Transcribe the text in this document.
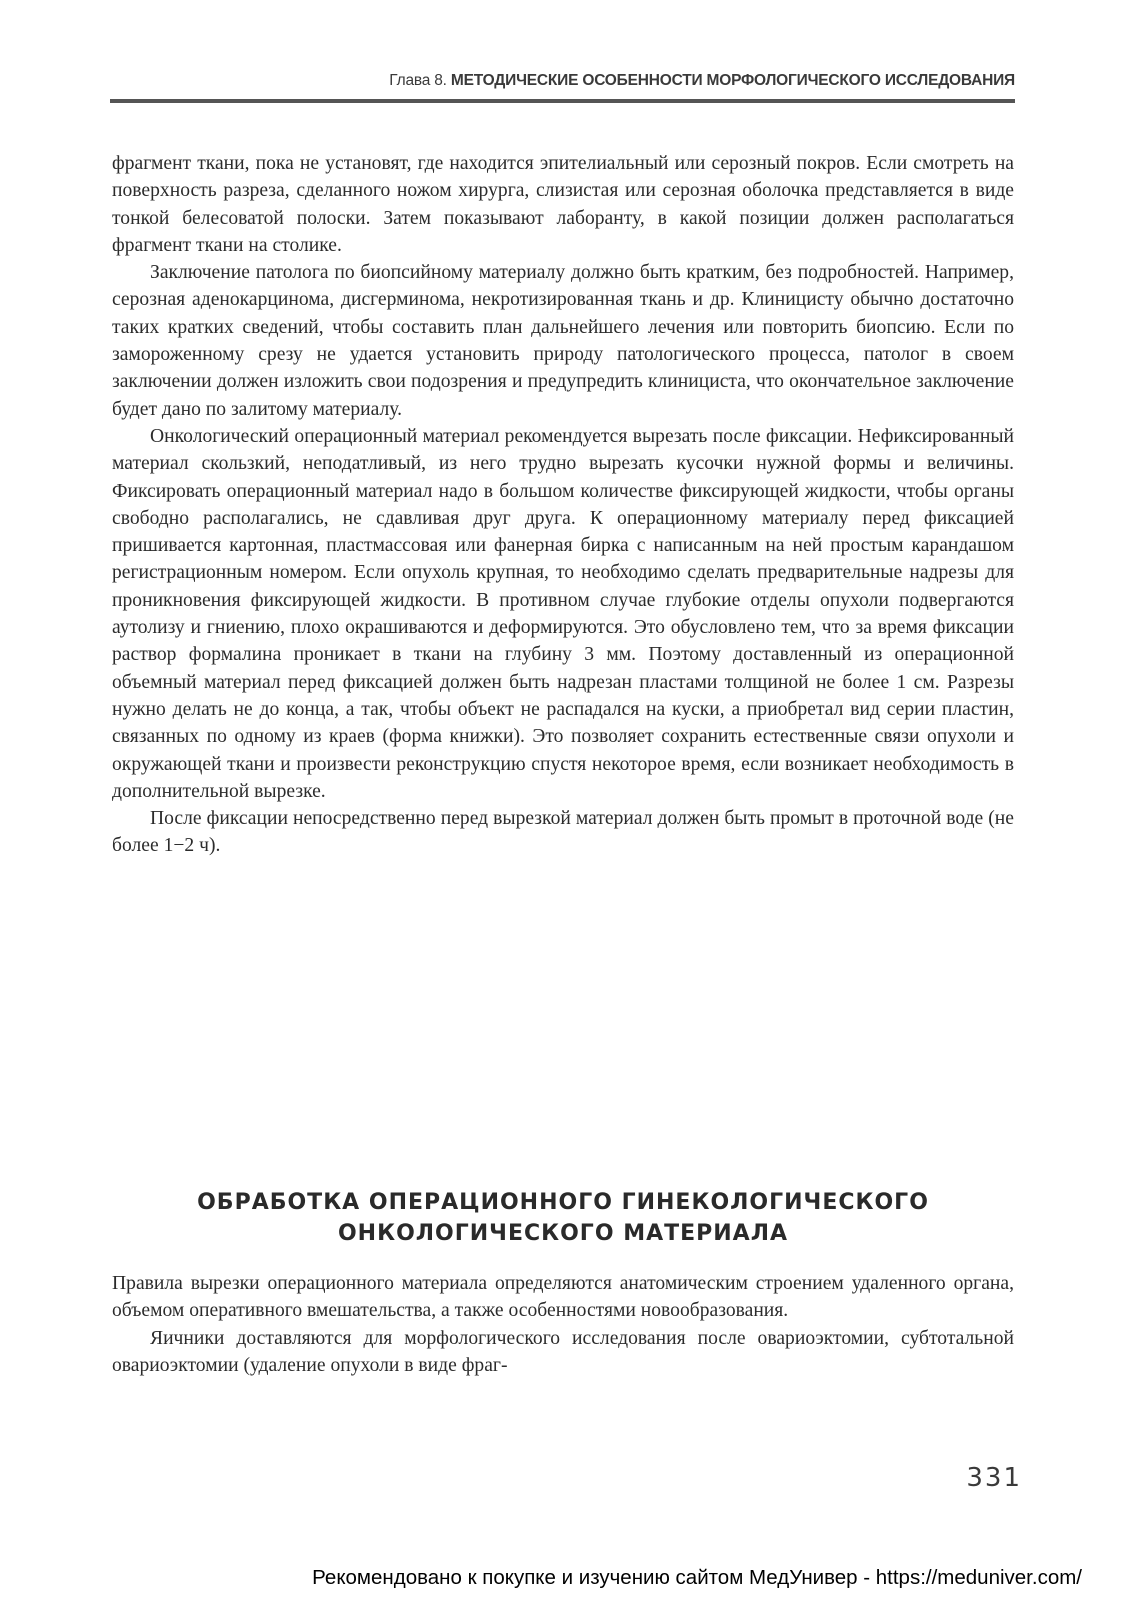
Глава 8. МЕТОДИЧЕСКИЕ ОСОБЕННОСТИ МОРФОЛОГИЧЕСКОГО ИССЛЕДОВАНИЯ

фрагмент ткани, пока не установят, где находится эпителиальный или серозный покров. Если смотреть на поверхность разреза, сделанного ножом хирурга, слизистая или серозная оболочка представляется в виде тонкой белесоватой полоски. Затем показывают лаборанту, в какой позиции должен располагаться фрагмент ткани на столике.

Заключение патолога по биопсийному материалу должно быть кратким, без подробностей. Например, серозная аденокарцинома, дисгерминома, некротизированная ткань и др. Клиницисту обычно достаточно таких кратких сведений, чтобы составить план дальнейшего лечения или повторить биопсию. Если по замороженному срезу не удается установить природу патологического процесса, патолог в своем заключении должен изложить свои подозрения и предупредить клинициста, что окончательное заключение будет дано по залитому материалу.

Онкологический операционный материал рекомендуется вырезать после фиксации. Нефиксированный материал скользкий, неподатливый, из него трудно вырезать кусочки нужной формы и величины. Фиксировать операционный материал надо в большом количестве фиксирующей жидкости, чтобы органы свободно располагались, не сдавливая друг друга. К операционному материалу перед фиксацией пришивается картонная, пластмассовая или фанерная бирка с написанным на ней простым карандашом регистрационным номером. Если опухоль крупная, то необходимо сделать предварительные надрезы для проникновения фиксирующей жидкости. В противном случае глубокие отделы опухоли подвергаются аутолизу и гниению, плохо окрашиваются и деформируются. Это обусловлено тем, что за время фиксации раствор формалина проникает в ткани на глубину 3 мм. Поэтому доставленный из операционной объемный материал перед фиксацией должен быть надрезан пластами толщиной не более 1 см. Разрезы нужно делать не до конца, а так, чтобы объект не распадался на куски, а приобретал вид серии пластин, связанных по одному из краев (форма книжки). Это позволяет сохранить естественные связи опухоли и окружающей ткани и произвести реконструкцию спустя некоторое время, если возникает необходимость в дополнительной вырезке.

После фиксации непосредственно перед вырезкой материал должен быть промыт в проточной воде (не более 1−2 ч).

ОБРАБОТКА ОПЕРАЦИОННОГО ГИНЕКОЛОГИЧЕСКОГО
ОНКОЛОГИЧЕСКОГО МАТЕРИАЛА

Правила вырезки операционного материала определяются анатомическим строением удаленного органа, объемом оперативного вмешательства, а также особенностями новообразования.

Яичники доставляются для морфологического исследования после овариоэктомии, субтотальной овариоэктомии (удаление опухоли в виде фраг-

331
Рекомендовано к покупке и изучению сайтом МедУнивер - https://meduniver.com/
